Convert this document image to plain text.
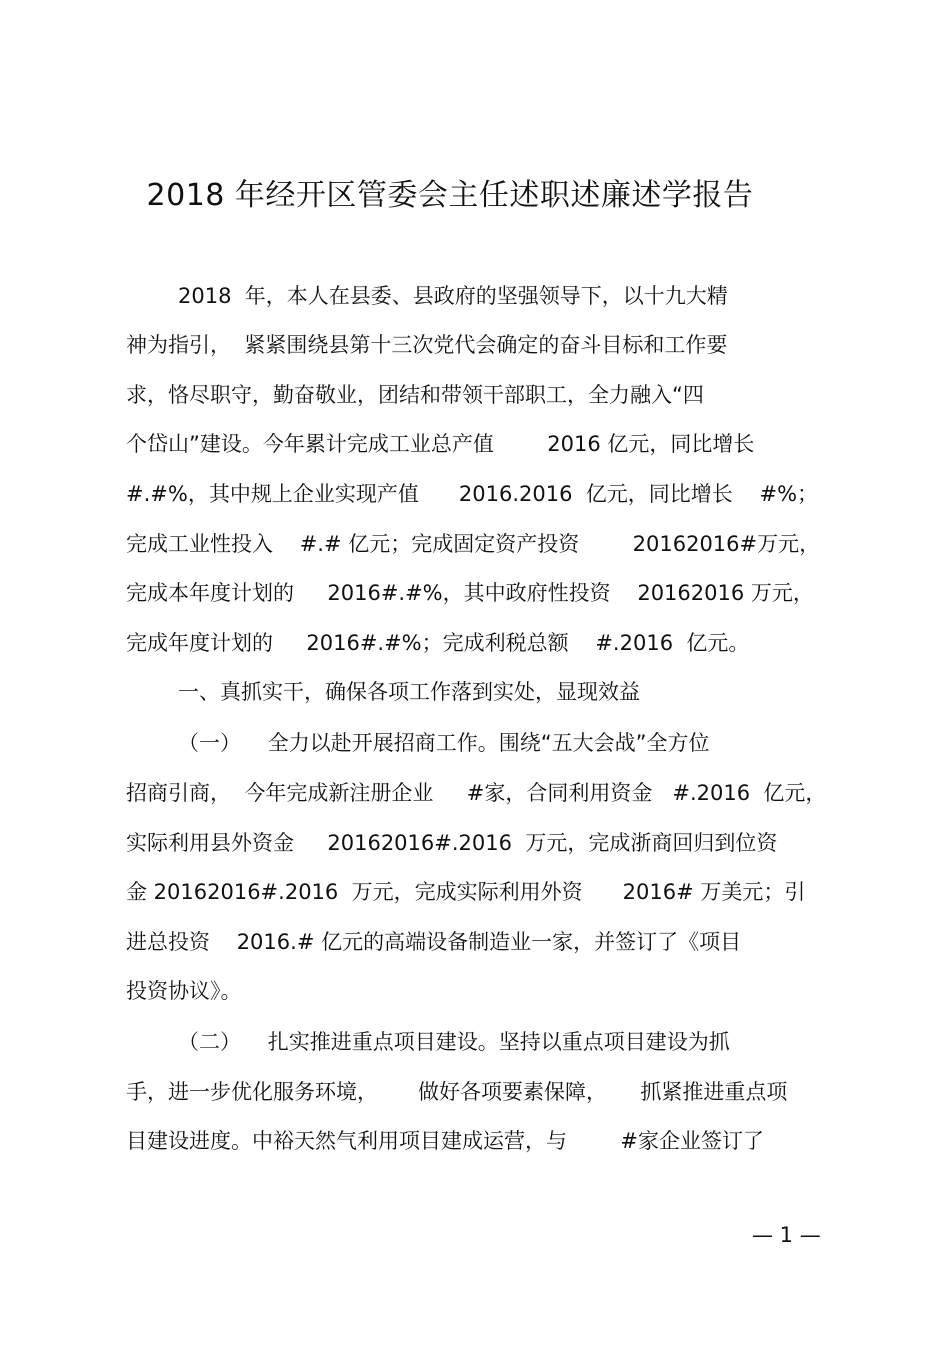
2018 年经开区管委会主任述职述廉述学报告
2018  年，本人在县委、县政府的坚强领导下，以十九大精
神为指引，  紧紧围绕县第十三次党代会确定的奋斗目标和工作要
求，恪尽职守，勤奋敬业，团结和带领干部职工，全力融入“四
个岱山”建设。今年累计完成工业总产值        2016 亿元，同比增长
#.#%，其中规上企业实现产值      2016.2016  亿元，同比增长    #%；
完成工业性投入    #.# 亿元；完成固定资产投资        20162016#万元，
完成本年度计划的     2016#.#%，其中政府性投资    20162016 万元，
完成年度计划的     2016#.#%；完成利税总额    #.2016  亿元。
一、真抓实干，确保各项工作落到实处，显现效益
（一）    全力以赴开展招商工作。围绕“五大会战”全方位
招商引商，  今年完成新注册企业     #家，合同利用资金   #.2016  亿元，
实际利用县外资金     20162016#.2016  万元，完成浙商回归到位资
金 20162016#.2016  万元，完成实际利用外资      2016# 万美元；引
进总投资    2016.# 亿元的高端设备制造业一家，并签订了《项目
投资协议》。
（二）    扎实推进重点项目建设。坚持以重点项目建设为抓
手，进一步优化服务环境，      做好各项要素保障，     抓紧推进重点项
目建设进度。中裕天然气利用项目建成运营，与        #家企业签订了
— 1 —
